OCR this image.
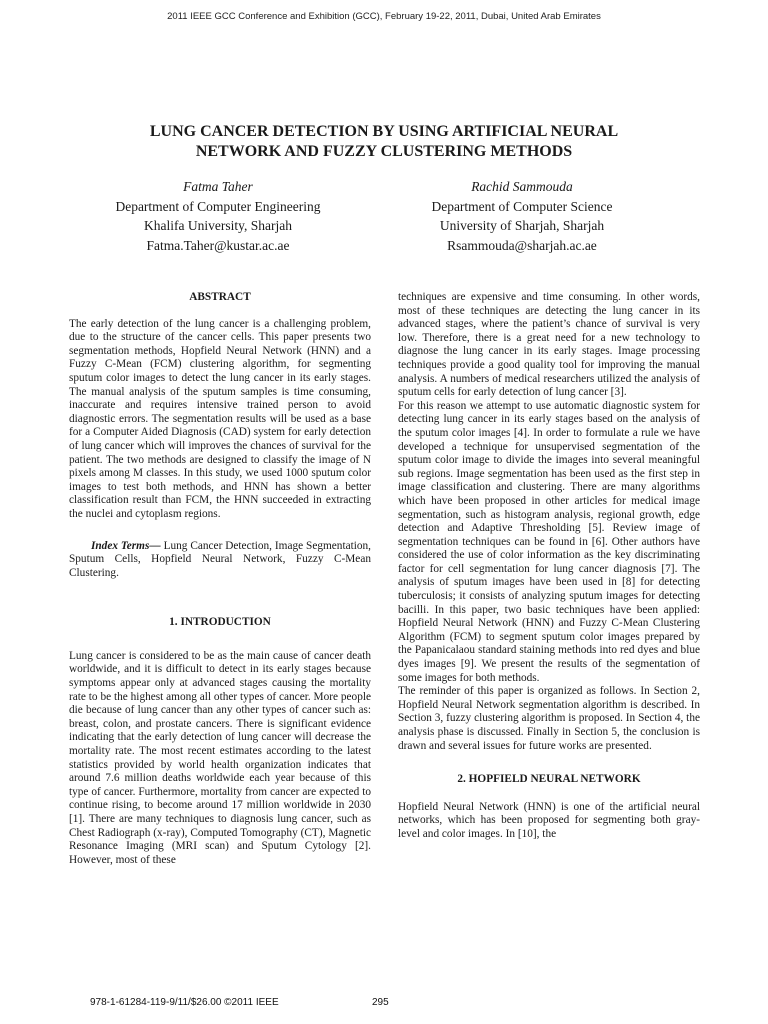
2011 IEEE GCC Conference and Exhibition (GCC), February 19-22, 2011, Dubai, United Arab Emirates
LUNG CANCER DETECTION BY USING ARTIFICIAL NEURAL
NETWORK AND FUZZY CLUSTERING METHODS
Fatma Taher
Department of Computer Engineering
Khalifa University, Sharjah
Fatma.Taher@kustar.ac.ae
Rachid Sammouda
Department of Computer Science
University of Sharjah, Sharjah
Rsammouda@sharjah.ac.ae

ABSTRACT

The early detection of the lung cancer is a challenging problem, due to the structure of the cancer cells. This paper presents two segmentation methods, Hopfield Neural Network (HNN) and a Fuzzy C-Mean (FCM) clustering algorithm, for segmenting sputum color images to detect the lung cancer in its early stages. The manual analysis of the sputum samples is time consuming, inaccurate and requires intensive trained person to avoid diagnostic errors. The segmentation results will be used as a base for a Computer Aided Diagnosis (CAD) system for early detection of lung cancer which will improves the chances of survival for the patient. The two methods are designed to classify the image of N pixels among M classes. In this study, we used 1000 sputum color images to test both methods, and HNN has shown a better classification result than FCM, the HNN succeeded in extracting the nuclei and cytoplasm regions.

Index Terms— Lung Cancer Detection, Image Segmentation, Sputum Cells, Hopfield Neural Network, Fuzzy C-Mean Clustering.

1. INTRODUCTION

Lung cancer is considered to be as the main cause of cancer death worldwide, and it is difficult to detect in its early stages because symptoms appear only at advanced stages causing the mortality rate to be the highest among all other types of cancer. More people die because of lung cancer than any other types of cancer such as: breast, colon, and prostate cancers. There is significant evidence indicating that the early detection of lung cancer will decrease the mortality rate. The most recent estimates according to the latest statistics provided by world health organization indicates that around 7.6 million deaths worldwide each year because of this type of cancer. Furthermore, mortality from cancer are expected to continue rising, to become around 17 million worldwide in 2030 [1]. There are many techniques to diagnosis lung cancer, such as Chest Radiograph (x-ray), Computed Tomography (CT), Magnetic Resonance Imaging (MRI scan) and Sputum Cytology [2]. However, most of these

techniques are expensive and time consuming. In other words, most of these techniques are detecting the lung cancer in its advanced stages, where the patient’s chance of survival is very low. Therefore, there is a great need for a new technology to diagnose the lung cancer in its early stages. Image processing techniques provide a good quality tool for improving the manual analysis. A numbers of medical researchers utilized the analysis of sputum cells for early detection of lung cancer [3].

For this reason we attempt to use automatic diagnostic system for detecting lung cancer in its early stages based on the analysis of the sputum color images [4]. In order to formulate a rule we have developed a technique for unsupervised segmentation of the sputum color image to divide the images into several meaningful sub regions. Image segmentation has been used as the first step in image classification and clustering. There are many algorithms which have been proposed in other articles for medical image segmentation, such as histogram analysis, regional growth, edge detection and Adaptive Thresholding [5]. Review image of segmentation techniques can be found in [6]. Other authors have considered the use of color information as the key discriminating factor for cell segmentation for lung cancer diagnosis [7]. The analysis of sputum images have been used in [8] for detecting tuberculosis; it consists of analyzing sputum images for detecting bacilli. In this paper, two basic techniques have been applied: Hopfield Neural Network (HNN) and Fuzzy C-Mean Clustering Algorithm (FCM) to segment sputum color images prepared by the Papanicalaou standard staining methods into red dyes and blue dyes images [9]. We present the results of the segmentation of some images for both methods.

The reminder of this paper is organized as follows. In Section 2, Hopfield Neural Network segmentation algorithm is described. In Section 3, fuzzy clustering algorithm is proposed. In Section 4, the analysis phase is discussed. Finally in Section 5, the conclusion is drawn and several issues for future works are presented.

2. HOPFIELD NEURAL NETWORK

Hopfield Neural Network (HNN) is one of the artificial neural networks, which has been proposed for segmenting both gray-level and color images. In [10], the

978-1-61284-119-9/11/$26.00 ©2011 IEEE	295
